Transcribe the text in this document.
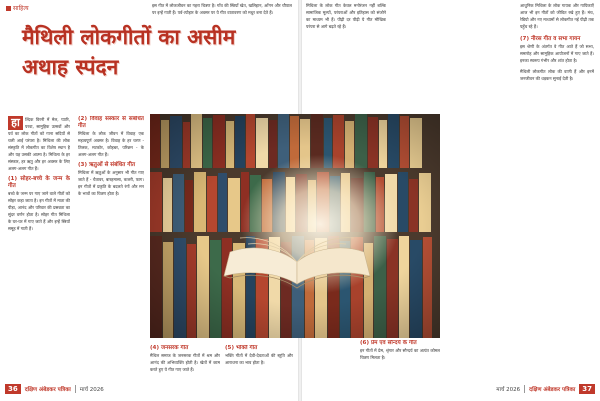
साहित्य
मैथिली लोकगीतों का असीम
अथाह स्पंदन
हा	ल्दिक विरनी में मेल, प्यारि, परवा, सामूहिक उत्सवों और पर्व का लोक गीतों को गाना सदियों से चली आई परंपरा है। मिथिला की लोक संस्कृति में लोकगीत का विशेष स्थान है और यह उसकी आत्मा है। मिथिला के हर संस्कार, हर ऋतु और हर अवसर के लिए अलग-अलग गीत हैं।
(1) सोहर-बच्चे के जन्म के गीत
बच्चे के जन्म पर गाए जाने वाले गीतों को सोहर कहा जाता है। इन गीतों में माता की पीड़ा, आनंद और परिवार की प्रसन्नता का सुंदर वर्णन होता है। सोहर गीत मिथिला के घर-घर में गाए जाते हैं और इन्हें स्त्रियाँ समूह में गाती हैं।
(2) विवाह संस्कार से संबंधित गीत
मिथिला के लोक जीवन में विवाह एक महत्वपूर्ण अवसर है। विवाह के हर चरण - तिलक, मटकोर, कोहबर, परिछन - के अलग-अलग गीत हैं।
(3) ऋतुओं से संबंधित गीत
मिथिला में ऋतुओं के अनुसार भी गीत गाए जाते हैं - चैतावर, बारहमासा, कजरी, फाग। इन गीतों में प्रकृति के बदलते रंगों और मन के भावों का चित्रण होता है।
(4) जनसरक गीत
मैथिल समाज के जनसरक गीतों में श्रम और आनंद की अभिव्यक्ति होती है। खेतों में काम करते हुए ये गीत गाए जाते हैं।
(5) भक्ति गीत
भक्ति गीतों में देवी-देवताओं की स्तुति और आराधना का भाव होता है।
इस गीत में लोकजीवन का गहरा चित्रण है। गाँव की स्त्रियाँ खेत, खलिहान, आँगन और चौपाल पर इन्हें गाती हैं। पर्व-त्योहार के अवसर पर ये गीत वातावरण को मधुर बना देते हैं।
36	दक्षिण अंबेडकर पत्रिका मार्च 2026
मिथिला के लोक गीत केवल मनोरंजन नहीं बल्कि सामाजिक मूल्यों, परंपराओं और इतिहास को संजोने का माध्यम भी हैं। पीढ़ी दर पीढ़ी ये गीत मौखिक परंपरा से आगे बढ़ते रहे हैं।
आधुनिक मिथिला के लोक गायक और गायिकाएँ आज भी इन गीतों को जीवित रखे हुए हैं। मंच, रेडियो और नए माध्यमों से लोकगीत नई पीढ़ी तक पहुँच रहे हैं।
(7) नीरस गीत व सभा गायन
इस श्रेणी के अंतर्गत वे गीत आते हैं जो सभा, समारोह और सामूहिक आयोजनों में गाए जाते हैं। इनका स्वरूप गंभीर और शांत होता है।
मैथिली लोकगीत लोक की वाणी हैं और इनमें जनजीवन की धड़कन सुनाई देती है।
(6) प्रेम एवं सौन्दर्य के गीत
इन गीतों में प्रेम, श्रृंगार और सौन्दर्य का अत्यंत कोमल चित्रण मिलता है।
मार्च 2026 दक्षिण अंबेडकर पत्रिका	37
